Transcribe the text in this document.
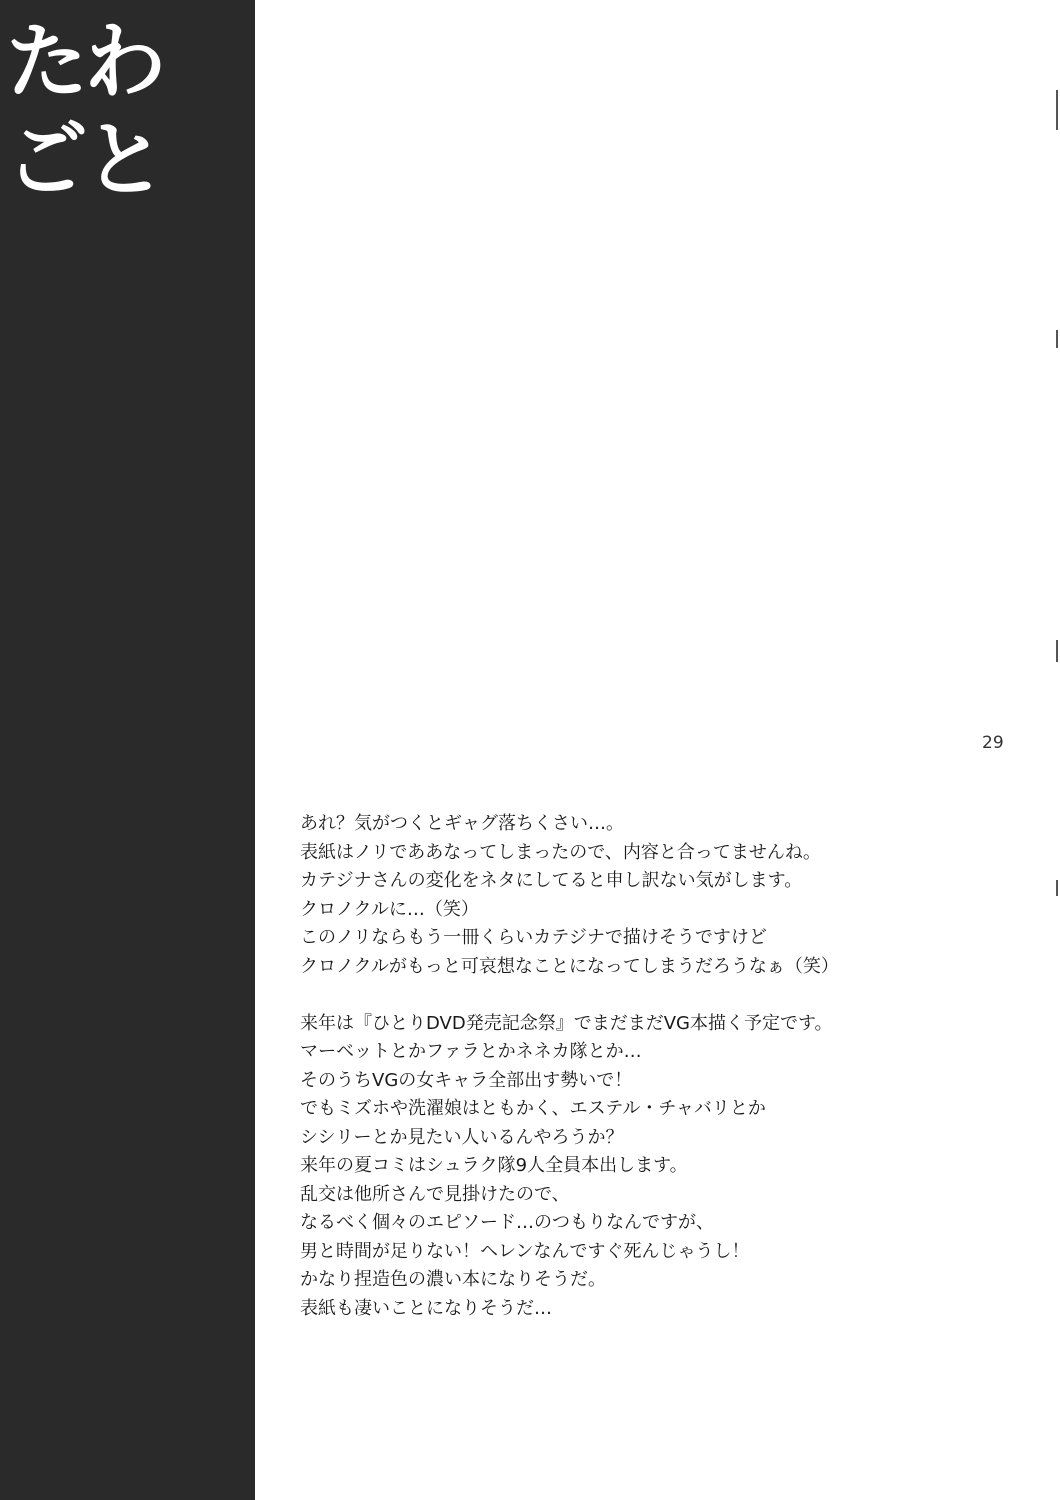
たわ
ごと
29

あれ？気がつくとギャグ落ちくさい…。
表紙はノリでああなってしまったので、内容と合ってませんね。
カテジナさんの変化をネタにしてると申し訳ない気がします。
クロノクルに…（笑）
このノリならもう一冊くらいカテジナで描けそうですけど
クロノクルがもっと可哀想なことになってしまうだろうなぁ（笑）

来年は『ひとりDVD発売記念祭』でまだまだVG本描く予定です。
マーベットとかファラとかネネカ隊とか…
そのうちVGの女キャラ全部出す勢いで！
でもミズホや洗濯娘はともかく、エステル・チャバリとか
シシリーとか見たい人いるんやろうか？
来年の夏コミはシュラク隊9人全員本出します。
乱交は他所さんで見掛けたので、
なるべく個々のエピソード…のつもりなんですが、
男と時間が足りない！ヘレンなんですぐ死んじゃうし！
かなり捏造色の濃い本になりそうだ。
表紙も凄いことになりそうだ…
